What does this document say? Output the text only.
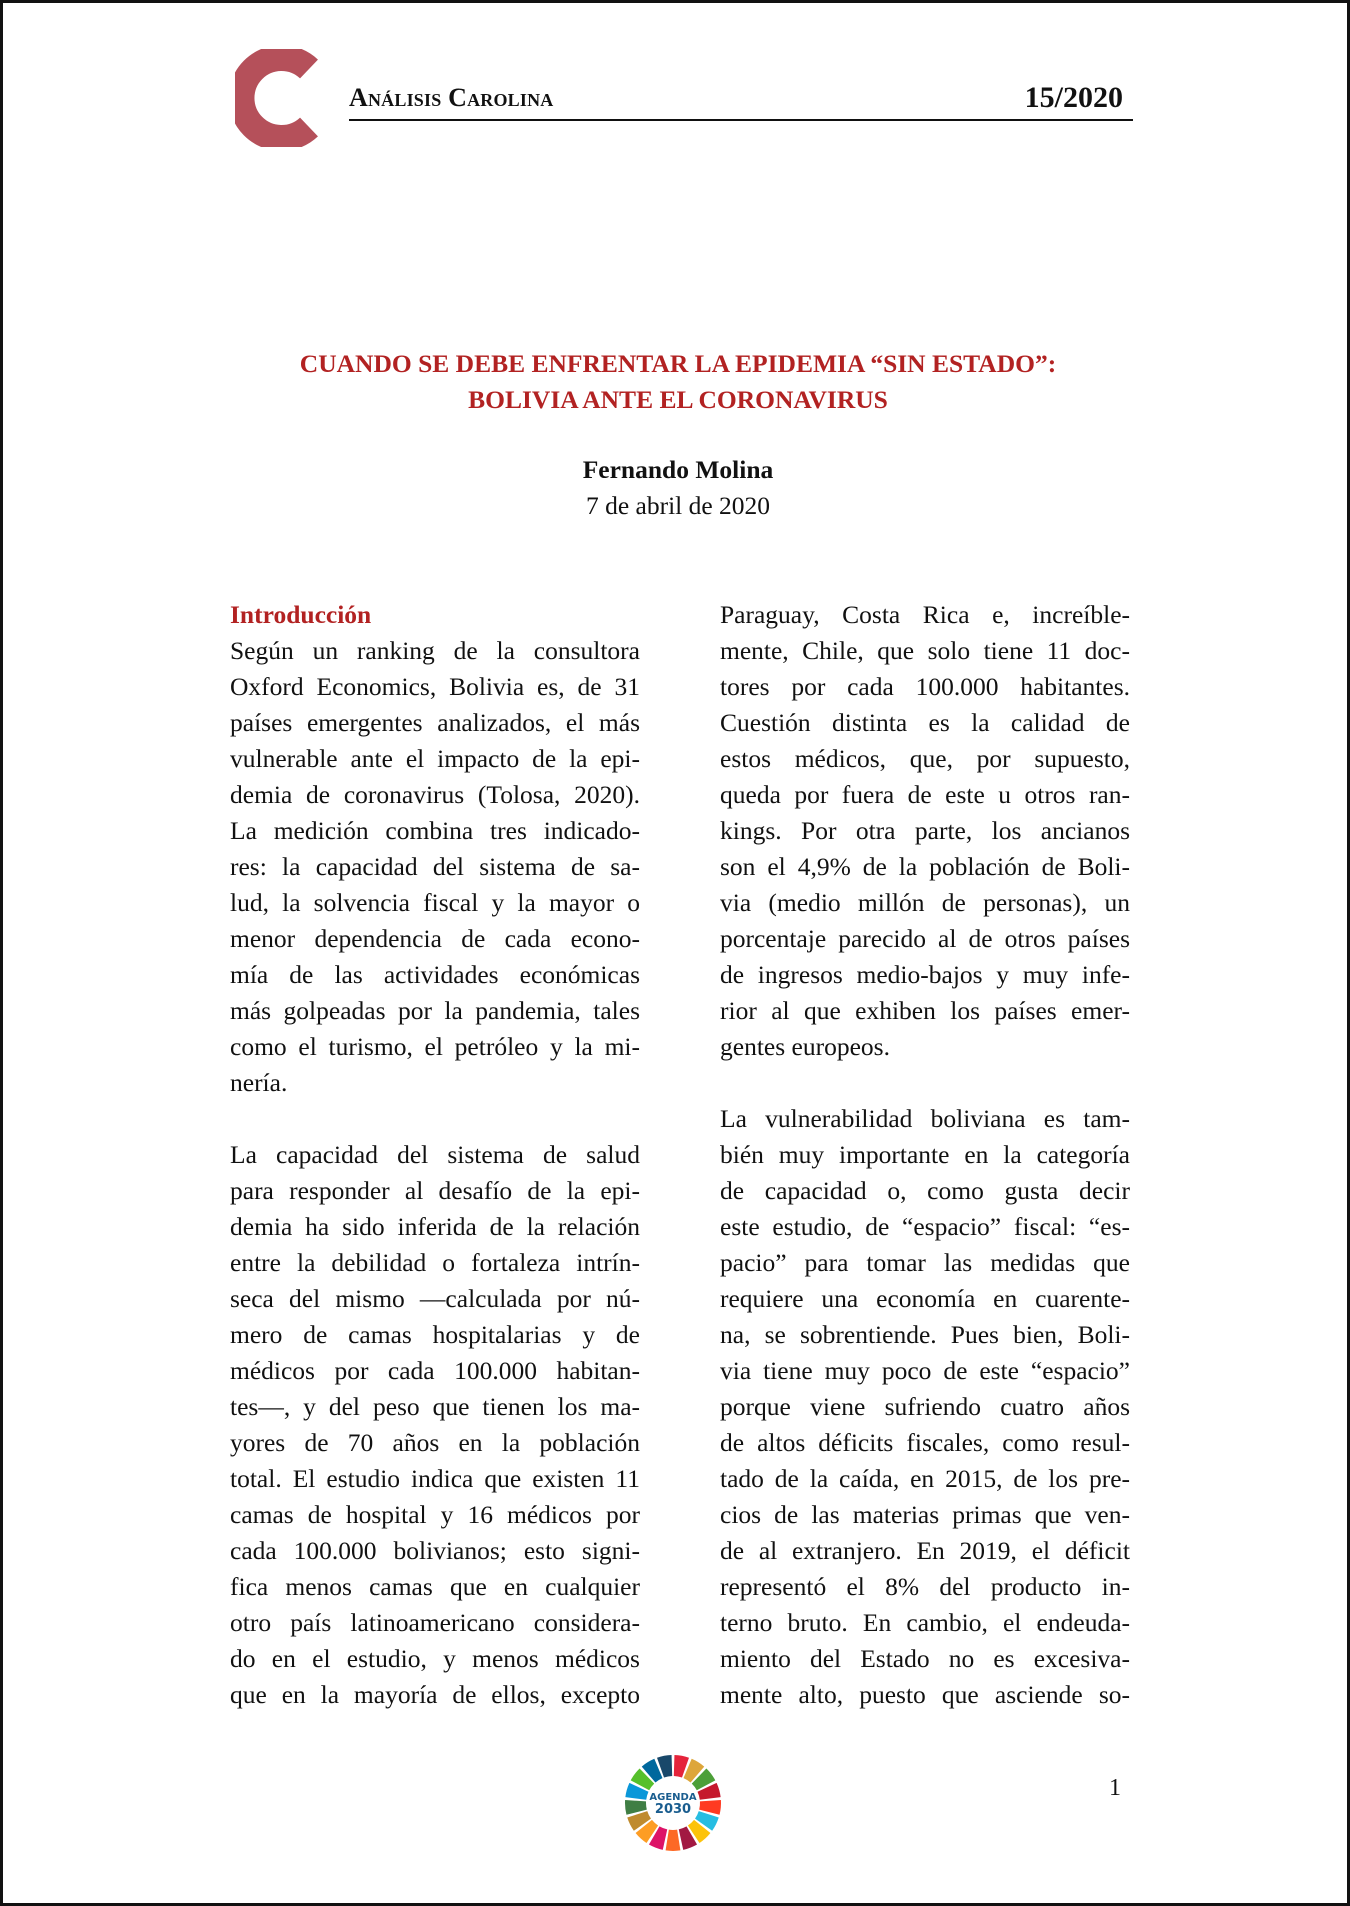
Análisis Carolina	15/2020
CUANDO SE DEBE ENFRENTAR LA EPIDEMIA “SIN ESTADO”:
BOLIVIA ANTE EL CORONAVIRUS
Fernando Molina
7 de abril de 2020
Introducción
Según un ranking de la consultora
Oxford Economics, Bolivia es, de 31
países emergentes analizados, el más
vulnerable ante el impacto de la epi-
demia de coronavirus (Tolosa, 2020).
La medición combina tres indicado-
res: la capacidad del sistema de sa-
lud, la solvencia fiscal y la mayor o
menor dependencia de cada econo-
mía de las actividades económicas
más golpeadas por la pandemia, tales
como el turismo, el petróleo y la mi-
nería.
La capacidad del sistema de salud
para responder al desafío de la epi-
demia ha sido inferida de la relación
entre la debilidad o fortaleza intrín-
seca del mismo —calculada por nú-
mero de camas hospitalarias y de
médicos por cada 100.000 habitan-
tes—, y del peso que tienen los ma-
yores de 70 años en la población
total. El estudio indica que existen 11
camas de hospital y 16 médicos por
cada 100.000 bolivianos; esto signi-
fica menos camas que en cualquier
otro país latinoamericano considera-
do en el estudio, y menos médicos
que en la mayoría de ellos, excepto
Paraguay, Costa Rica e, increíble-
mente, Chile, que solo tiene 11 doc-
tores por cada 100.000 habitantes.
Cuestión distinta es la calidad de
estos médicos, que, por supuesto,
queda por fuera de este u otros ran-
kings. Por otra parte, los ancianos
son el 4,9% de la población de Boli-
via (medio millón de personas), un
porcentaje parecido al de otros países
de ingresos medio-bajos y muy infe-
rior al que exhiben los países emer-
gentes europeos.
La vulnerabilidad boliviana es tam-
bién muy importante en la categoría
de capacidad o, como gusta decir
este estudio, de “espacio” fiscal: “es-
pacio” para tomar las medidas que
requiere una economía en cuarente-
na, se sobrentiende. Pues bien, Boli-
via tiene muy poco de este “espacio”
porque viene sufriendo cuatro años
de altos déficits fiscales, como resul-
tado de la caída, en 2015, de los pre-
cios de las materias primas que ven-
de al extranjero. En 2019, el déficit
representó el 8% del producto in-
terno bruto. En cambio, el endeuda-
miento del Estado no es excesiva-
mente alto, puesto que asciende so-
AGENDA
2030
1
